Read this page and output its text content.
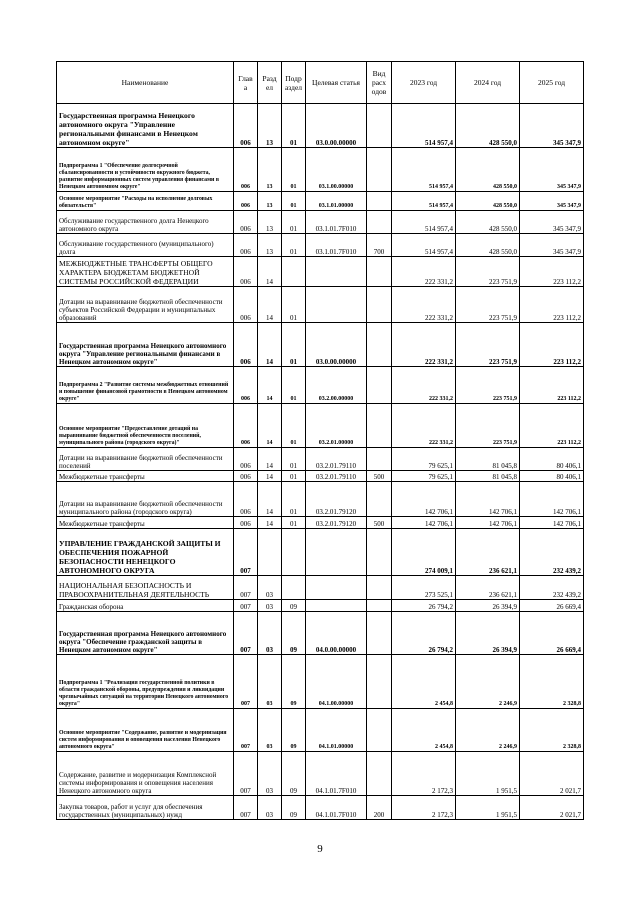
Наименование	Глав а	Разд ел	Подр аздел	Целевая статья	Вид расх одов	2023 год	2024 год	2025 год
Государственная программа Ненецкого автономного округа "Управление региональными финансами в Ненецком автономном округе"	006	13	01	03.0.00.00000		514 957,4	428 550,0	345 347,9
Подпрограмма 1 "Обеспечение долгосрочной сбалансированности и устойчивости окружного бюджета, развитие информационных систем управления финансами в Ненецком автономном округе"	006	13	01	03.1.00.00000		514 957,4	428 550,0	345 347,9
Основное мероприятие "Расходы на исполнение долговых обязательств"	006	13	01	03.1.01.00000		514 957,4	428 550,0	345 347,9
Обслуживание государственного долга Ненецкого автономного округа	006	13	01	03.1.01.7F010		514 957,4	428 550,0	345 347,9
Обслуживание государственного (муниципального) долга	006	13	01	03.1.01.7F010	700	514 957,4	428 550,0	345 347,9
МЕЖБЮДЖЕТНЫЕ ТРАНСФЕРТЫ ОБЩЕГО ХАРАКТЕРА БЮДЖЕТАМ БЮДЖЕТНОЙ СИСТЕМЫ РОССИЙСКОЙ ФЕДЕРАЦИИ	006	14				222 331,2	223 751,9	223 112,2
Дотации на выравнивание бюджетной обеспеченности субъектов Российской Федерации и муниципальных образований	006	14	01			222 331,2	223 751,9	223 112,2
Государственная программа Ненецкого автономного округа "Управление региональными финансами в Ненецком автономном округе"	006	14	01	03.0.00.00000		222 331,2	223 751,9	223 112,2
Подпрограмма 2 "Развитие системы межбюджетных отношений и повышение финансовой грамотности в Ненецком автономном округе"	006	14	01	03.2.00.00000		222 331,2	223 751,9	223 112,2
Основное мероприятие "Предоставление дотаций на выравнивание бюджетной обеспеченности поселений, муниципального района (городского округа)"	006	14	01	03.2.01.00000		222 331,2	223 751,9	223 112,2
Дотации на выравнивание бюджетной обеспеченности поселений	006	14	01	03.2.01.79110		79 625,1	81 045,8	80 406,1
Межбюджетные трансферты	006	14	01	03.2.01.79110	500	79 625,1	81 045,8	80 406,1
Дотации на выравнивание бюджетной обеспеченности муниципального района (городского округа)	006	14	01	03.2.01.79120		142 706,1	142 706,1	142 706,1
Межбюджетные трансферты	006	14	01	03.2.01.79120	500	142 706,1	142 706,1	142 706,1
УПРАВЛЕНИЕ ГРАЖДАНСКОЙ ЗАЩИТЫ И ОБЕСПЕЧЕНИЯ ПОЖАРНОЙ БЕЗОПАСНОСТИ НЕНЕЦКОГО АВТОНОМНОГО ОКРУГА	007					274 009,1	236 621,1	232 439,2
НАЦИОНАЛЬНАЯ БЕЗОПАСНОСТЬ И ПРАВООХРАНИТЕЛЬНАЯ ДЕЯТЕЛЬНОСТЬ	007	03				273 525,1	236 621,1	232 439,2
Гражданская оборона	007	03	09			26 794,2	26 394,9	26 669,4
Государственная программа Ненецкого автономного округа "Обеспечение гражданской защиты в Ненецком автономном округе"	007	03	09	04.0.00.00000		26 794,2	26 394,9	26 669,4
Подпрограмма 1 "Реализация государственной политики в области гражданской обороны, предупреждения и ликвидации чрезвычайных ситуаций на территории Ненецкого автономного округа"	007	03	09	04.1.00.00000		2 454,8	2 246,9	2 328,8
Основное мероприятие "Содержание, развитие и модернизация систем информирования и оповещения населения Ненецкого автономного округа"	007	03	09	04.1.01.00000		2 454,8	2 246,9	2 328,8
Содержание, развитие и модернизация Комплексной системы информирования и оповещения населения Ненецкого автономного округа	007	03	09	04.1.01.7F010		2 172,3	1 951,5	2 021,7
Закупка товаров, работ и услуг для обеспечения государственных (муниципальных) нужд	007	03	09	04.1.01.7F010	200	2 172,3	1 951,5	2 021,7
9
